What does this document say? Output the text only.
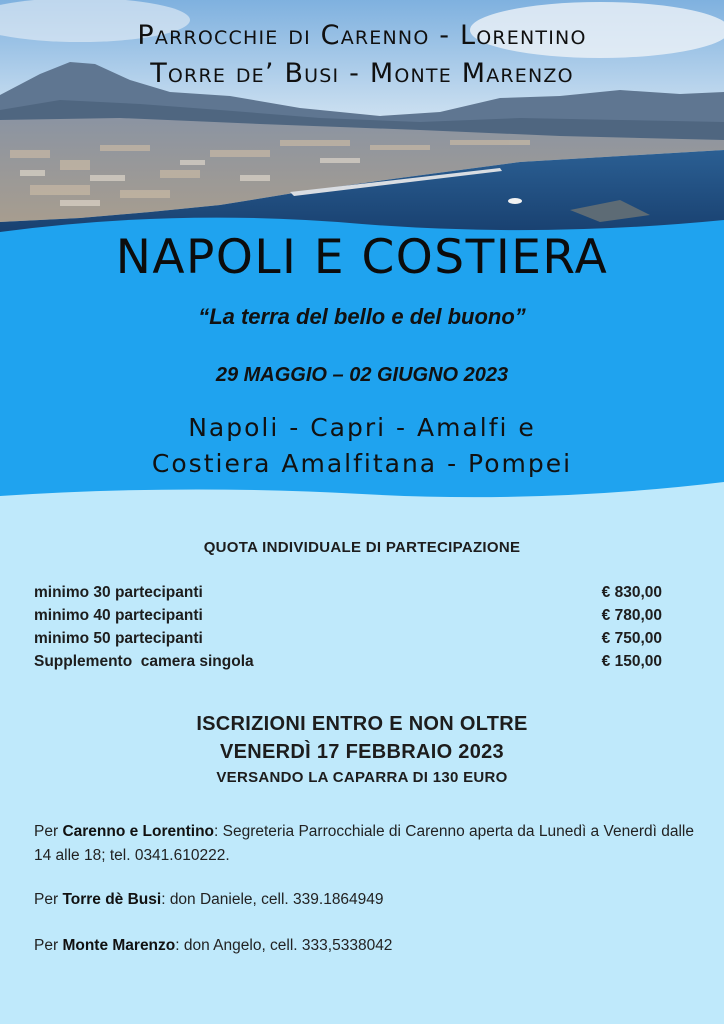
Parrocchie di Carenno - Lorentino
Torre de’ Busi - Monte Marenzo
NAPOLI E COSTIERA
“La terra del bello e del buono”
29 MAGGIO – 02 GIUGNO 2023
Napoli - Capri - Amalfi e
Costiera Amalfitana - Pompei
QUOTA INDIVIDUALE DI PARTECIPAZIONE
minimo 30 partecipanti	€ 830,00
minimo 40 partecipanti	€ 780,00
minimo 50 partecipanti	€ 750,00
Supplemento  camera singola	€ 150,00
ISCRIZIONI ENTRO E NON OLTRE
VENERDÌ 17 FEBBRAIO 2023
VERSANDO LA CAPARRA DI 130 EURO
Per Carenno e Lorentino: Segreteria Parrocchiale di Carenno aperta da Lunedì a Venerdì dalle 14 alle 18; tel. 0341.610222.
Per Torre dè Busi: don Daniele, cell. 339.1864949
Per Monte Marenzo: don Angelo, cell. 333,5338042
